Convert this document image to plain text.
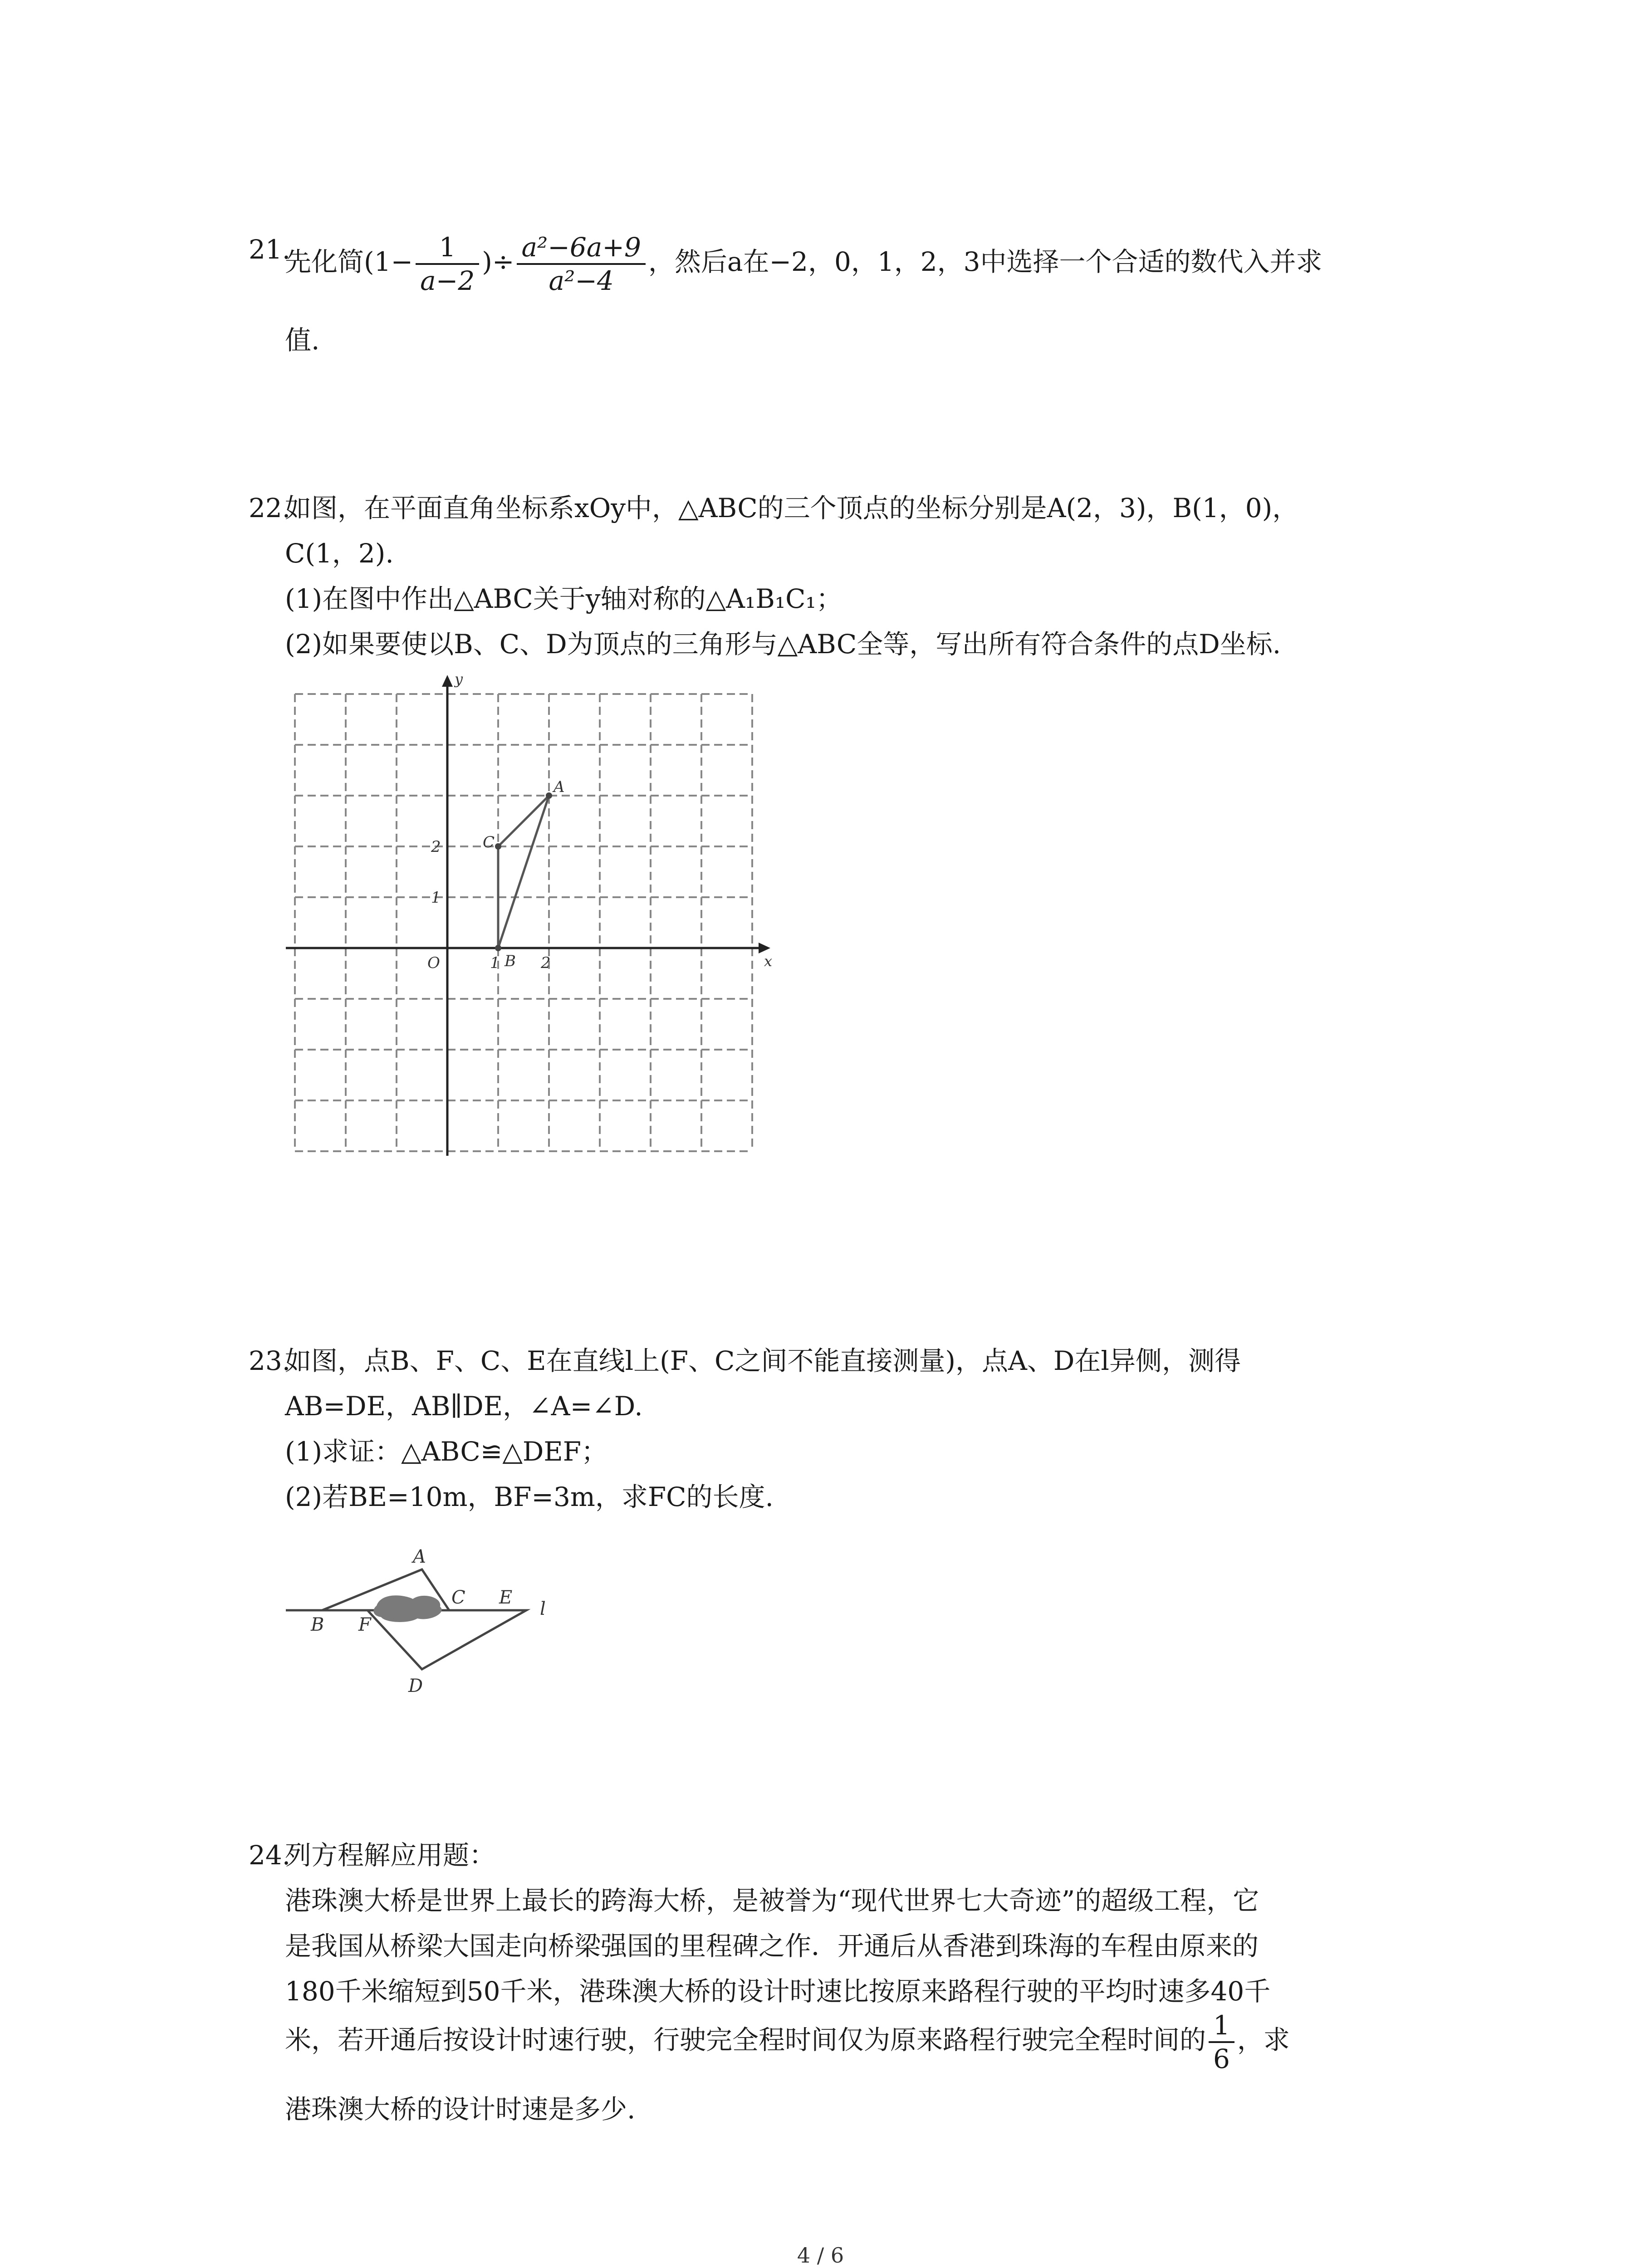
21.
先化简($1- \frac{1}{a-2}$ )÷ $\frac{\text{a²−6a+9}}{\text{a²−4}}$ ，然后a在−2，0，1，2，3中选择一个合适的数代入并求
值.
22.
如图，在平面直角坐标系xOy中，△ABC的三个顶点的坐标分别是A(2，3)，B(1，0)，
C(1，2).
(1)在图中作出△ABC关于y轴对称的△A₁B₁C₁；
(2)如果要使以B、C、D为顶点的三角形与△ABC全等，写出所有符合条件的点D坐标.
A
B
C
O	1	2
1
2
x
y
23.
如图，点B、F、C、E在直线l上(F、C之间不能直接测量)，点A、D在l异侧，测得
AB=DE，AB∥DE，∠A=∠D.
(1)求证：△ABC≌△DEF；
(2)若BE=10m，BF=3m，求FC的长度.
A
B F
C E
l
D
24.
列方程解应用题：
港珠澳大桥是世界上最长的跨海大桥，是被誉为“现代世界七大奇迹”的超级工程，它
是我国从桥梁大国走向桥梁强国的里程碑之作．开通后从香港到珠海的车程由原来的
180千米缩短到50千米，港珠澳大桥的设计时速比按原来路程行驶的平均时速多40千
米，若开通后按设计时速行驶，行驶完全程时间仅为原来路程行驶完全程时间的 $\frac{1}{6}$ ，求
港珠澳大桥的设计时速是多少.
4 / 6
